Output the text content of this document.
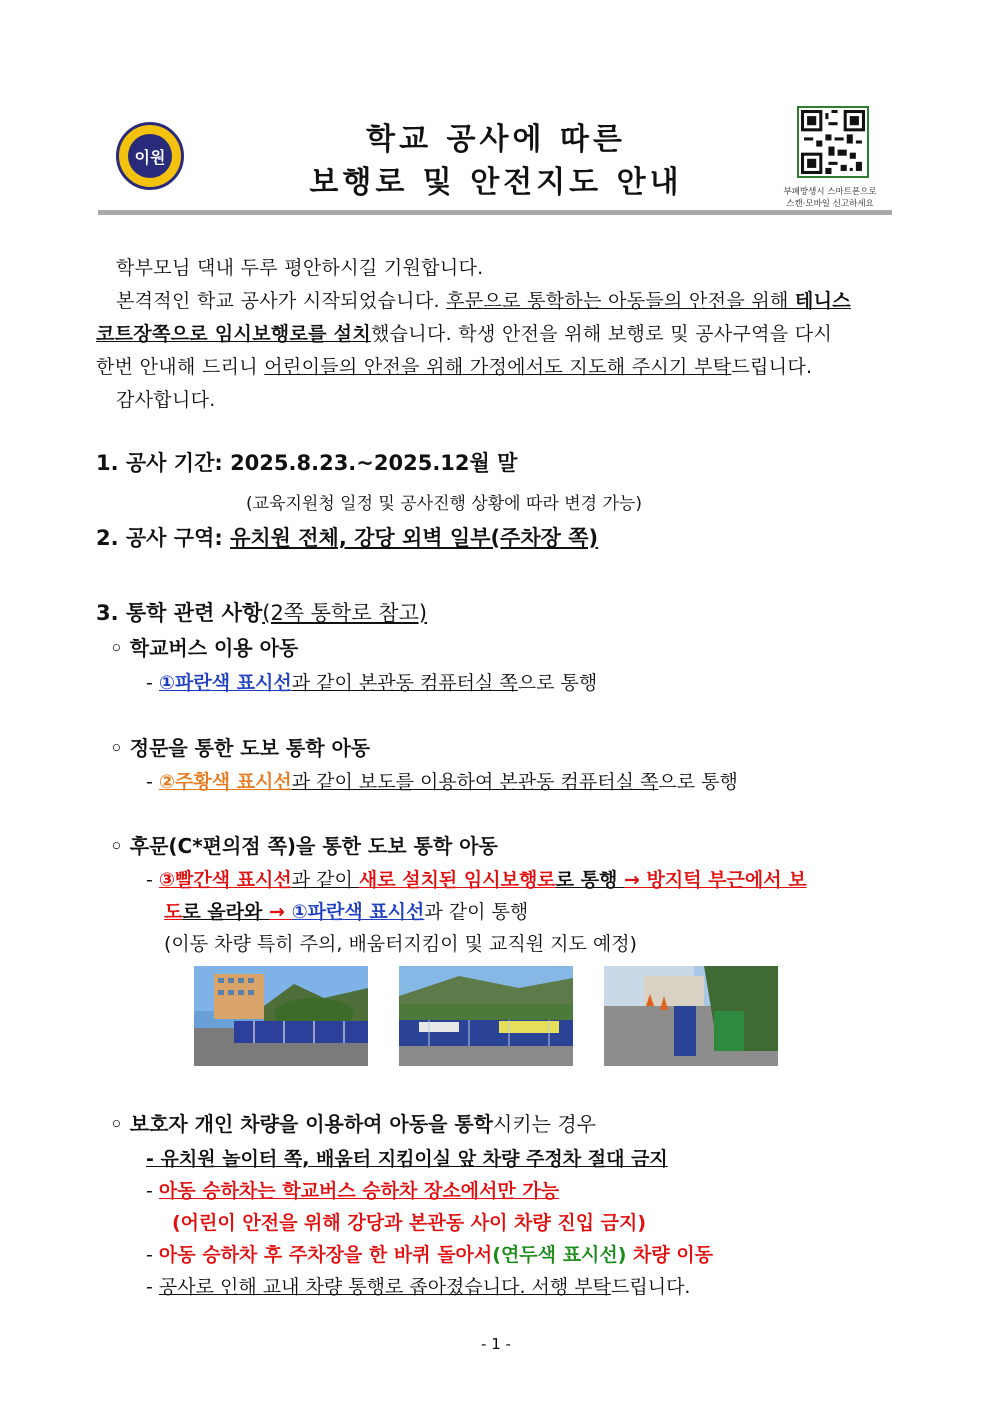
이원	학교 공사에 따른
보행로 및 안전지도 안내	부패방생시 스마트폰으로
스캔·모바일 신고하세요
학부모님 댁내 두루 평안하시길 기원합니다.
본격적인 학교 공사가 시작되었습니다. 후문으로 통학하는 아동들의 안전을 위해 테니스
코트장쪽으로 임시보행로를 설치했습니다. 학생 안전을 위해 보행로 및 공사구역을 다시
한번 안내해 드리니 어린이들의 안전을 위해 가정에서도 지도해 주시기 부탁드립니다.
감사합니다.
1. 공사 기간: 2025.8.23.~2025.12월 말
(교육지원청 일정 및 공사진행 상황에 따라 변경 가능)
2. 공사 구역: 유치원 전체, 강당 외벽 일부(주차장 쪽)
3. 통학 관련 사항(2쪽 통학로 참고)
◦ 학교버스 이용 아동
- ①파란색 표시선과 같이 본관동 컴퓨터실 쪽으로 통행
◦ 정문을 통한 도보 통학 아동
- ②주황색 표시선과 같이 보도를 이용하여 본관동 컴퓨터실 쪽으로 통행
◦ 후문(C*편의점 쪽)을 통한 도보 통학 아동
- ③빨간색 표시선과 같이 새로 설치된 임시보행로로 통행 → 방지턱 부근에서 보
도로 올라와 → ①파란색 표시선과 같이 통행
(이동 차량 특히 주의, 배움터지킴이 및 교직원 지도 예정)
◦ 보호자 개인 차량을 이용하여 아동을 통학시키는 경우
- 유치원 놀이터 쪽, 배움터 지킴이실 앞 차량 주정차 절대 금지
- 아동 승하차는 학교버스 승하차 장소에서만 가능
(어린이 안전을 위해 강당과 본관동 사이 차량 진입 금지)
- 아동 승하차 후 주차장을 한 바퀴 돌아서(연두색 표시선) 차량 이동
- 공사로 인해 교내 차량 통행로 좁아졌습니다. 서행 부탁드립니다.
- 1 -
